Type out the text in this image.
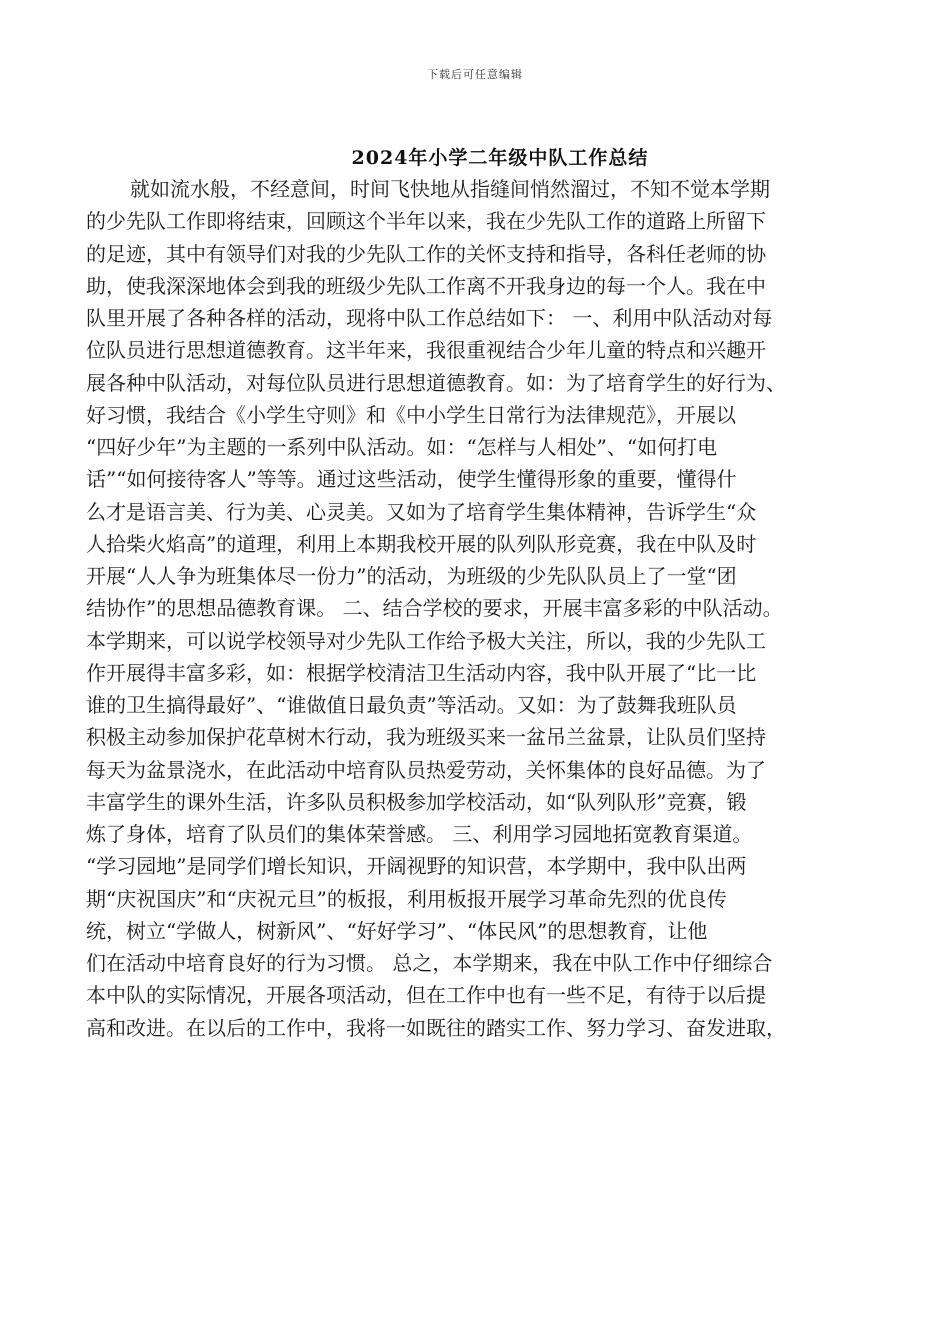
下载后可任意编辑
2024年小学二年级中队工作总结
就如流水般，不经意间，时间飞快地从指缝间悄然溜过，不知不觉本学期
的少先队工作即将结束，回顾这个半年以来，我在少先队工作的道路上所留下
的足迹，其中有领导们对我的少先队工作的关怀支持和指导，各科任老师的协
助，使我深深地体会到我的班级少先队工作离不开我身边的每一个人。我在中
队里开展了各种各样的活动，现将中队工作总结如下： 一、利用中队活动对每
位队员进行思想道德教育。这半年来，我很重视结合少年儿童的特点和兴趣开
展各种中队活动，对每位队员进行思想道德教育。如：为了培育学生的好行为、
好习惯，我结合《小学生守则》和《中小学生日常行为法律规范》，开展以
“四好少年”为主题的一系列中队活动。如：“怎样与人相处”、“如何打电
话”“如何接待客人”等等。通过这些活动，使学生懂得形象的重要，懂得什
么才是语言美、行为美、心灵美。又如为了培育学生集体精神，告诉学生“众
人拾柴火焰高”的道理，利用上本期我校开展的队列队形竞赛，我在中队及时
开展“人人争为班集体尽一份力”的活动，为班级的少先队队员上了一堂“团
结协作”的思想品德教育课。 二、结合学校的要求，开展丰富多彩的中队活动。
本学期来，可以说学校领导对少先队工作给予极大关注，所以，我的少先队工
作开展得丰富多彩，如：根据学校清洁卫生活动内容，我中队开展了“比一比
谁的卫生搞得最好”、“谁做值日最负责”等活动。又如：为了鼓舞我班队员
积极主动参加保护花草树木行动，我为班级买来一盆吊兰盆景，让队员们坚持
每天为盆景浇水，在此活动中培育队员热爱劳动，关怀集体的良好品德。为了
丰富学生的课外生活，许多队员积极参加学校活动，如“队列队形”竞赛，锻
炼了身体，培育了队员们的集体荣誉感。 三、利用学习园地拓宽教育渠道。
“学习园地”是同学们增长知识，开阔视野的知识营，本学期中，我中队出两
期“庆祝国庆”和“庆祝元旦”的板报，利用板报开展学习革命先烈的优良传
统，树立“学做人，树新风”、“好好学习”、“体民风”的思想教育，让他
们在活动中培育良好的行为习惯。 总之，本学期来，我在中队工作中仔细综合
本中队的实际情况，开展各项活动，但在工作中也有一些不足，有待于以后提
高和改进。在以后的工作中，我将一如既往的踏实工作、努力学习、奋发进取，
